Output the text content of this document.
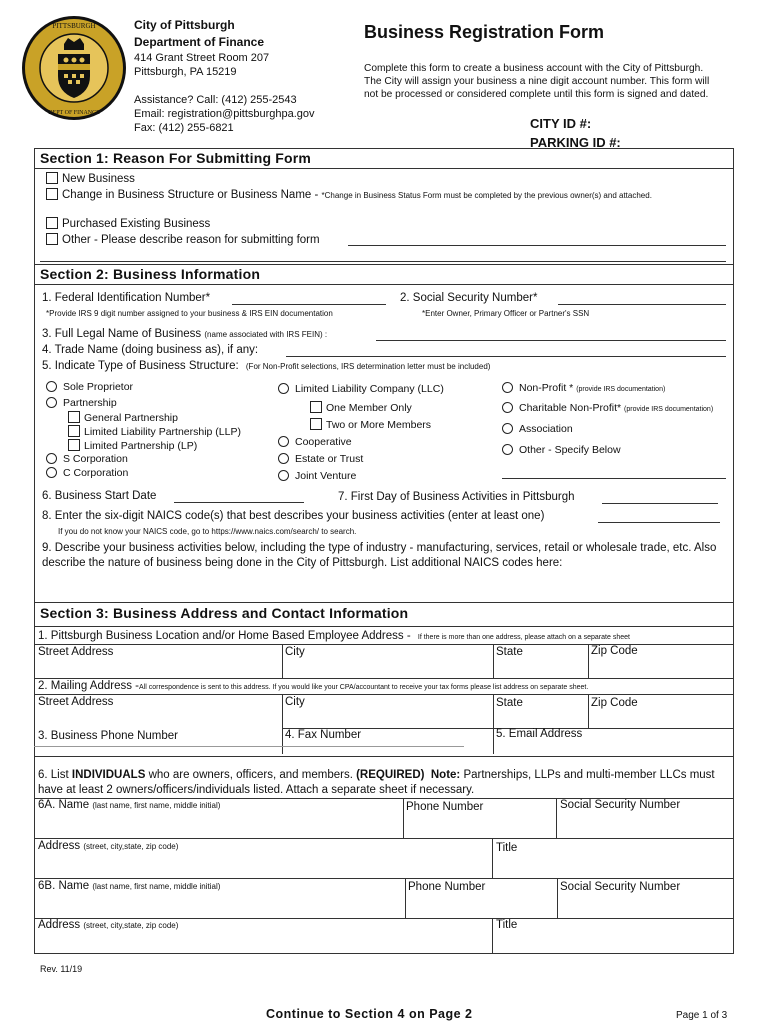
PITTSBURGH
DEPT OF FINANCE
City of Pittsburgh
Department of Finance
414 Grant Street Room 207
Pittsburgh, PA 15219
Assistance? Call: (412) 255-2543
Email: registration@pittsburghpa.gov
Fax: (412) 255-6821
Business Registration Form
Complete this form to create a business account with the City of Pittsburgh. The City will assign your business a nine digit account number. This form will not be processed or considered complete until this form is signed and dated.
CITY ID #:
PARKING ID #:
Section 1: Reason For Submitting Form
New Business
Change in Business Structure or Business Name - *Change in Business Status Form must be completed by the previous owner(s) and attached.
Purchased Existing Business
Other - Please describe reason for submitting form
Section 2: Business Information
1. Federal Identification Number*
*Provide IRS 9 digit number assigned to your business & IRS EIN documentation
2. Social Security Number*
*Enter Owner, Primary Officer or Partner's SSN
3. Full Legal Name of Business (name associated with IRS FEIN) :
4. Trade Name (doing business as), if any:
5. Indicate Type of Business Structure: (For Non-Profit selections, IRS determination letter must be included)
Sole Proprietor
Partnership
General Partnership
Limited Liability Partnership (LLP)
Limited Partnership (LP)
S Corporation
C Corporation
Limited Liability Company (LLC)
One Member Only
Two or More Members
Cooperative
Estate or Trust
Joint Venture
Non-Profit * (provide IRS documentation)
Charitable Non-Profit* (provide IRS documentation)
Association
Other - Specify Below
6. Business Start Date	7. First Day of Business Activities in Pittsburgh
8. Enter the six-digit NAICS code(s) that best describes your business activities (enter at least one)
If you do not know your NAICS code, go to https://www.naics.com/search/ to search.
9. Describe your business activities below, including the type of industry - manufacturing, services, retail or wholesale trade, etc. Also describe the nature of business being done in the City of Pittsburgh. List additional NAICS codes here:
Section 3: Business Address and Contact Information
1. Pittsburgh Business Location and/or Home Based Employee Address - If there is more than one address, please attach on a separate sheet
Street Address	City	State	Zip Code
2. Mailing Address -All correspondence is sent to this address. If you would like your CPA/accountant to receive your tax forms please list address on separate sheet.
Street Address	City	State	Zip Code
3. Business Phone Number	4. Fax Number	5. Email Address
6. List INDIVIDUALS who are owners, officers, and members. (REQUIRED) Note: Partnerships, LLPs and multi-member LLCs must have at least 2 owners/officers/individuals listed. Attach a separate sheet if necessary.
6A. Name (last name, first name, middle initial)	Phone Number	Social Security Number
Address (street, city,state, zip code)	Title
6B. Name (last name, first name, middle initial)	Phone Number	Social Security Number
Address (street, city,state, zip code)	Title
Rev. 11/19
Continue to Section 4 on Page 2	Page 1 of 3
